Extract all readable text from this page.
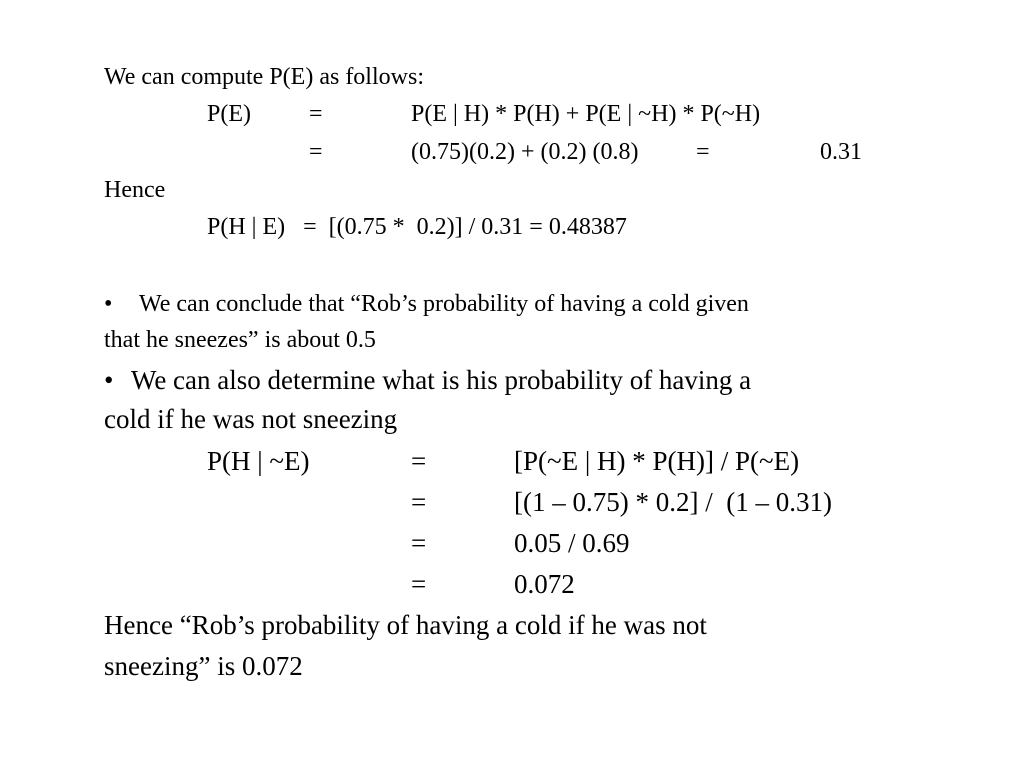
We can compute P(E) as follows:
P(E) =	P(E | H) * P(H) + P(E | ~H) * P(~H)
=	(0.75)(0.2) + (0.2) (0.8) =	0.31
Hence
P(H | E)   =  [(0.75 *  0.2)] / 0.31 = 0.48387
• We can conclude that “Rob’s probability of having a cold given
that he sneezes” is about 0.5
• We can also determine what is his probability of having a
cold if he was not sneezing
P(H | ~E)	=	[P(~E | H) * P(H)] / P(~E)
=	[(1 – 0.75) * 0.2] /  (1 – 0.31)
=	0.05 / 0.69
=	0.072
Hence “Rob’s probability of having a cold if he was not
sneezing” is 0.072
